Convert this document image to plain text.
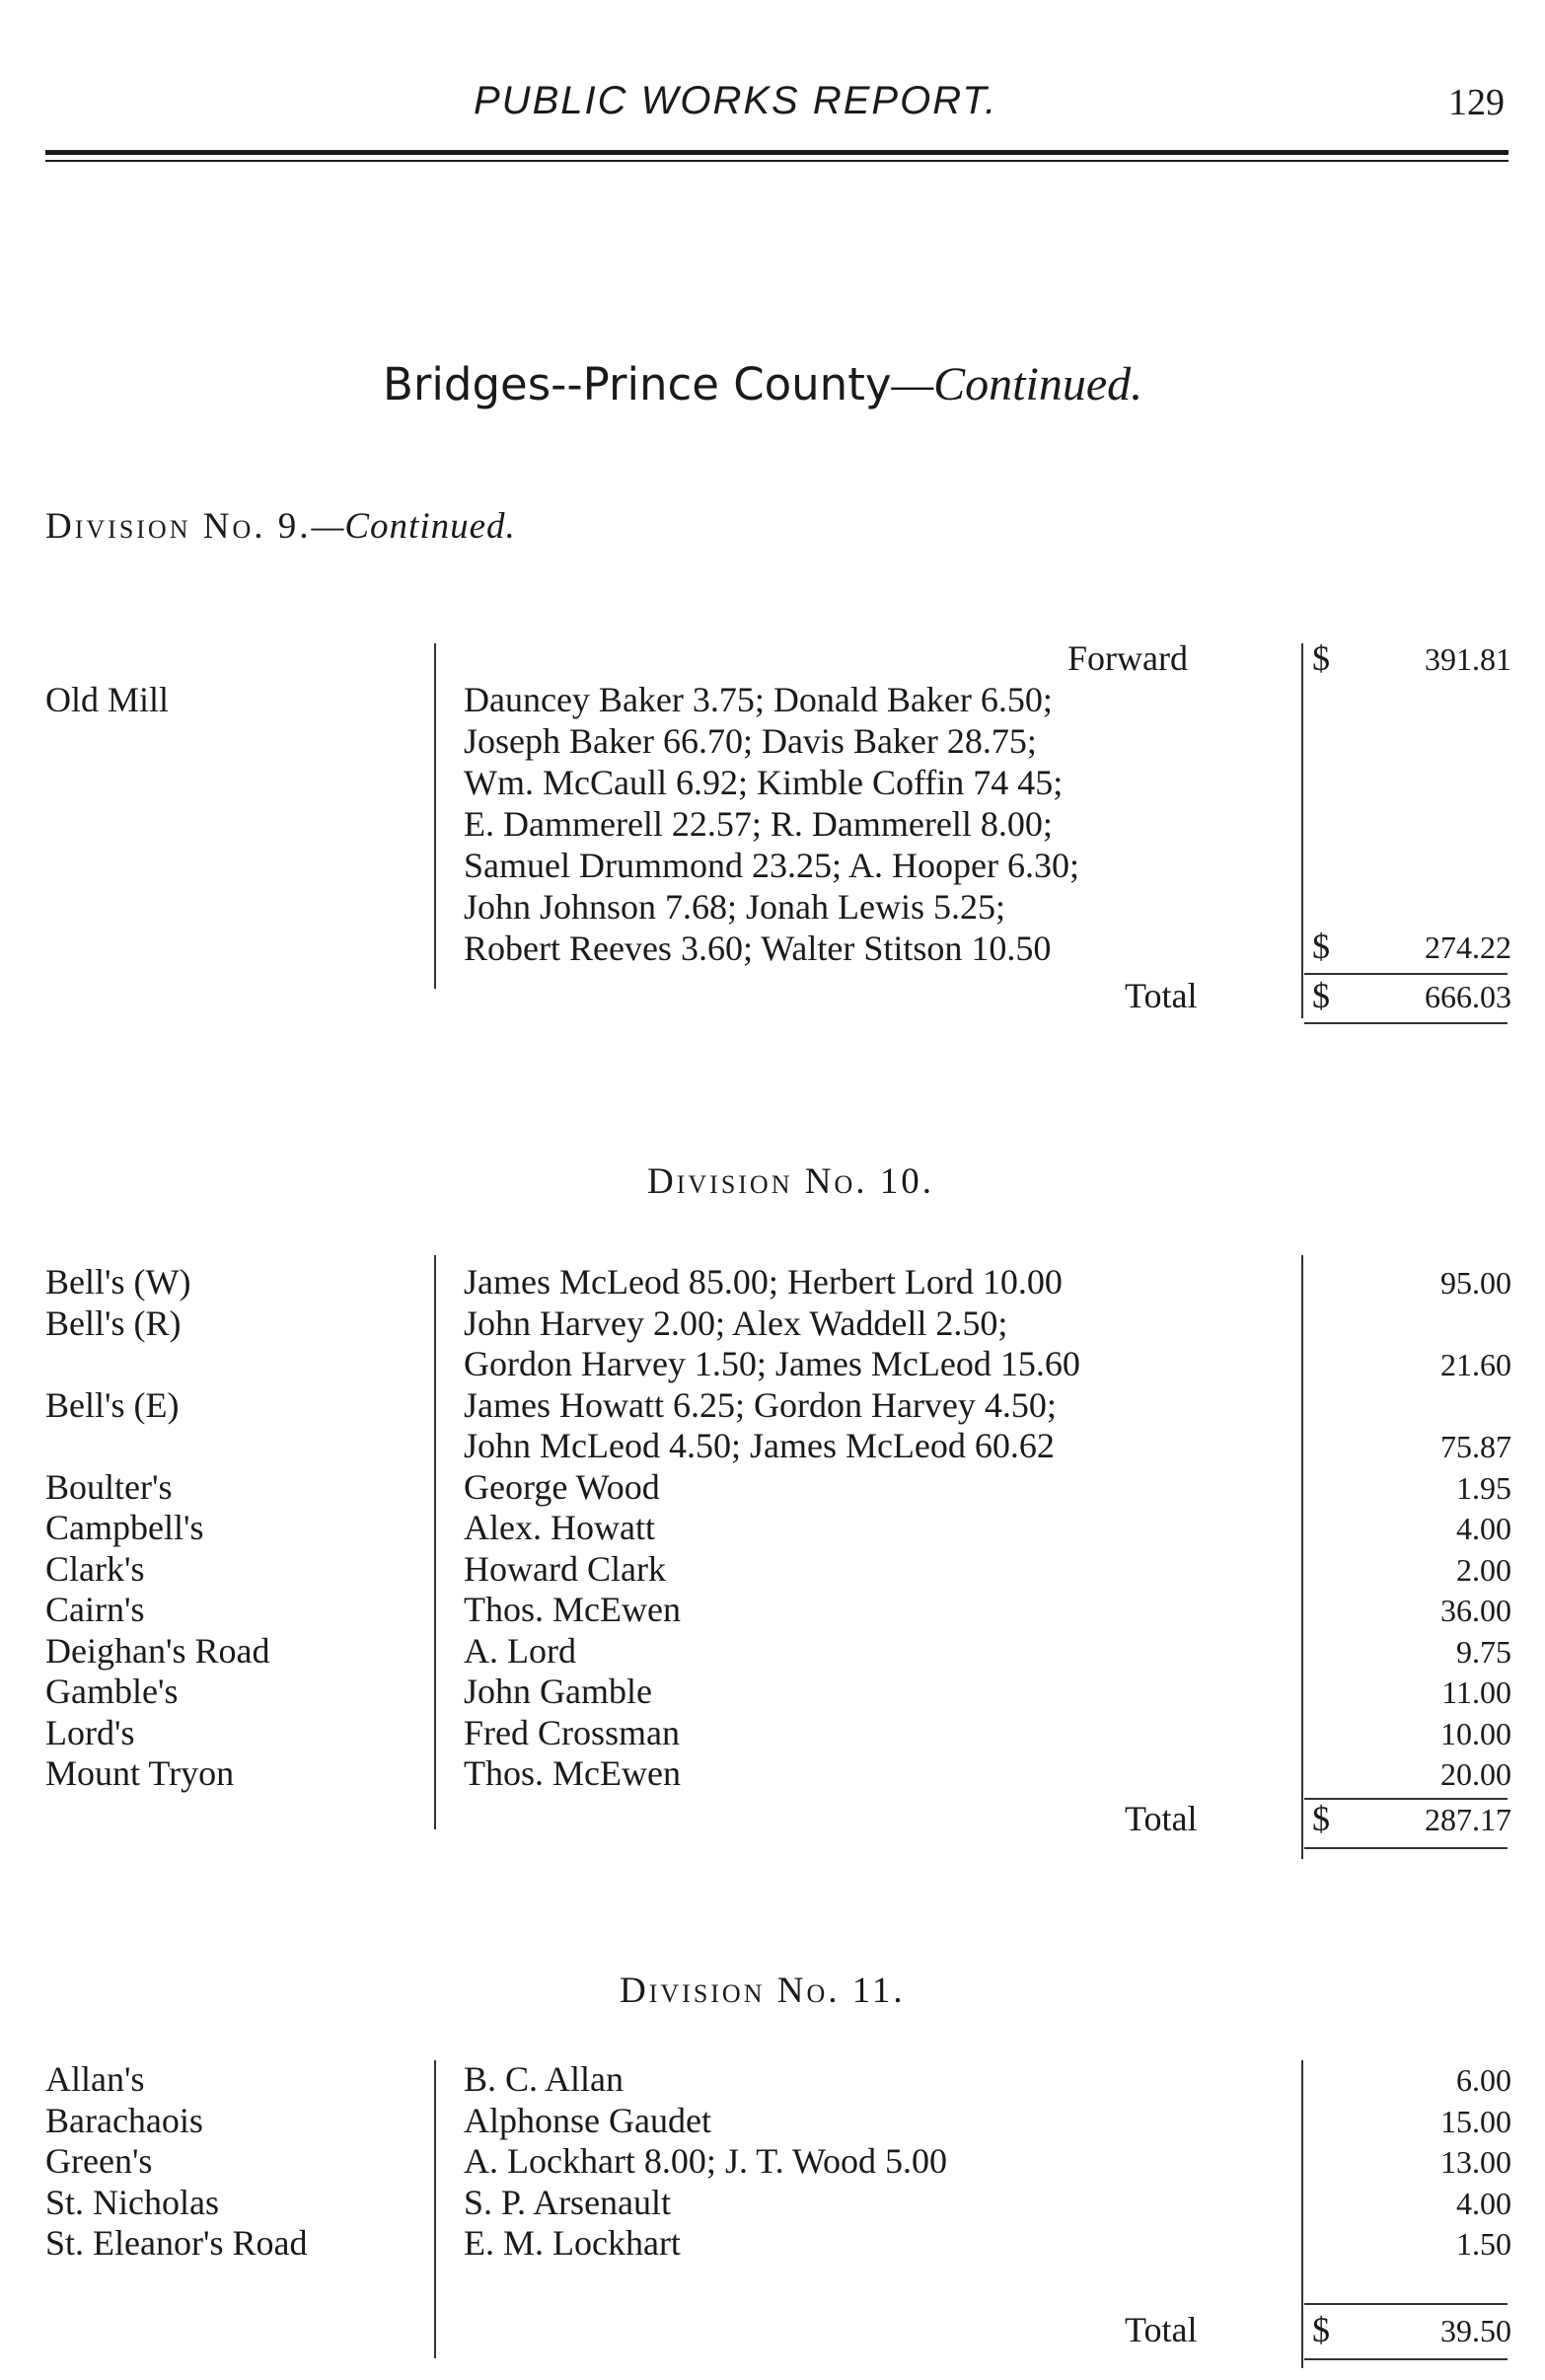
PUBLIC WORKS REPORT.	129
Bridges--Prince County—Continued.
Division No. 9.—Continued.
Old Mill
Forward	$	391.81
Dauncey Baker 3.75; Donald Baker 6.50;
Joseph Baker 66.70; Davis Baker 28.75;
Wm. McCaull 6.92; Kimble Coffin 74 45;
E. Dammerell 22.57; R. Dammerell 8.00;
Samuel Drummond 23.25; A. Hooper 6.30;
John Johnson 7.68; Jonah Lewis 5.25;
Robert Reeves 3.60; Walter Stitson 10.50	$	274.22
Total	$	666.03
Division No. 10.
Bell's (W)	James McLeod 85.00; Herbert Lord 10.00	95.00
Bell's (R)	John Harvey 2.00; Alex Waddell 2.50;
Gordon Harvey 1.50; James McLeod 15.60	21.60
Bell's (E)	James Howatt 6.25; Gordon Harvey 4.50;
John McLeod 4.50; James McLeod 60.62	75.87
Boulter's	George Wood	1.95
Campbell's	Alex. Howatt	4.00
Clark's	Howard Clark	2.00
Cairn's	Thos. McEwen	36.00
Deighan's Road	A. Lord	9.75
Gamble's	John Gamble	11.00
Lord's	Fred Crossman	10.00
Mount Tryon	Thos. McEwen	20.00
Total	$	287.17
Division No. 11.
Allan's	B. C. Allan	6.00
Barachaois	Alphonse Gaudet	15.00
Green's	A. Lockhart 8.00; J. T. Wood 5.00	13.00
St. Nicholas	S. P. Arsenault	4.00
St. Eleanor's Road	E. M. Lockhart	1.50
Total	$	39.50
